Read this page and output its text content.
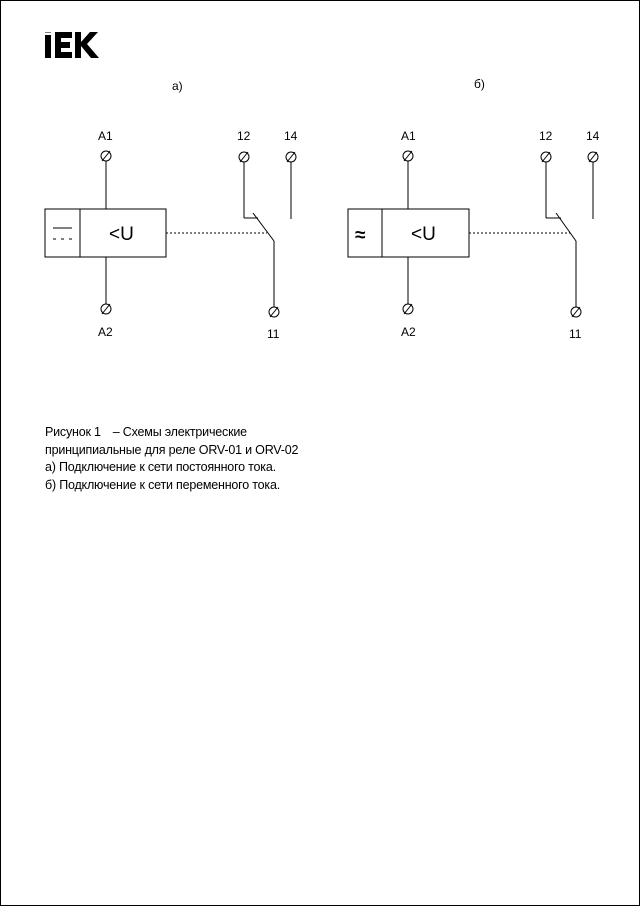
а)
A1
A2
12	14
11
<U
б)
A1
A2
12	14
11
<U
≈
Рисунок 1 – Схемы электрические
принципиальные для реле ORV-01 и ORV-02
а) Подключение к сети постоянного тока.
б) Подключение к сети переменного тока.
